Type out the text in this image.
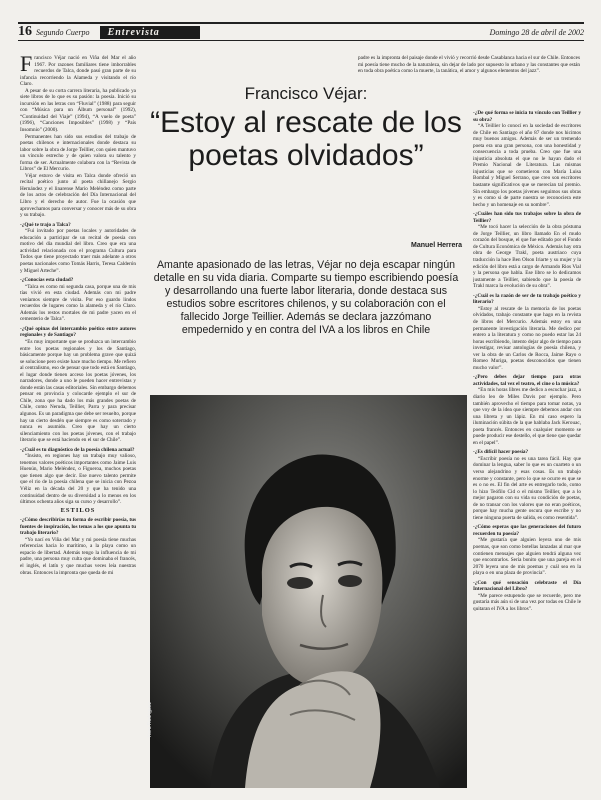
16 Segundo Cuerpo	Entrevista	Domingo 28 de abril de 2002

Francisco Véjar nació en Viña del Mar el año 1967. Por razones familiares tiene imborrables recuerdos de Talca, donde pasó gran parte de su infancia recorriendo la Alameda y visitando el río Claro.

A pesar de su corta carrera literaria, ha publicado ya siete libros de lo que es su pasión: la poesía. Inició su incursión en las letras con “Fluvial” (1988) para seguir con “Música para un Álbum personal” (1992), “Continuidad del Viaje” (1994), “A vuelo de poeta” (1996), “Canciones Imposibles” (1998) y “País Insomnio” (2000).

Permanentes han sido sus estudios del trabajo de poetas chilenos e internacionales donde destaca su labor sobre la obra de Jorge Teillier, con quien mantuvo un vínculo estrecho y de quien valora su talento y forma de ser. Actualmente colabora con la “Revista de Libros” de El Mercurio.

Véjar estuvo de visita en Talca donde ofreció un recital poético junto al poeta chillanejo Sergio Hernández y el linarense Mario Meléndez como parte de los actos de celebración del Día Internacional del Libro y el derecho de autor. Fue la ocasión que aprovechamos para conversar y conocer más de su obra y su trabajo.

-¿Qué te trajo a Talca?

“Fui invitado por poetas locales y autoridades de educación a participar de un recital de poesía con motivo del día mundial del libro. Creo que era una actividad relacionada con el programa Cultura para Todos que tiene proyectado traer más adelante a otros poetas nacionales como Tomás Harris, Teresa Calderón y Miguel Arteche”.

-¿Conocías esta ciudad?

“Talca es como mi segunda casa, porque una de mis tías vivió en esta ciudad. Además con mi padre veníamos siempre de visita. Por eso guardo lindos recuerdos de lugares como la alameda y el río Claro. Además los restos mortales de mi padre yacen en el cementerio de Talca”.

-¿Qué opinas del intercambio poético entre autores regionales y de Santiago?

“Es muy importante que se produzca un intercambio entre los poetas regionales y los de Santiago, básicamente porque hay un problema grave que quizá se solucione pero existe hace mucho tiempo. Me refiero al centralismo, eso de pensar que todo está en Santiago, el lugar donde tienen acceso los poetas jóvenes, los narradores, donde a uno le pueden hacer entrevistas y donde están las casas editoriales. Sin embargo debemos pensar en provincia y colocarde ejemplo el sur de Chile, zona que ha dado los más grandes poetas de Chile, como Neruda, Teillier, Parra y para precisar algunos. Es un paradigma que debe ser resuelto, porque hay un cierto desdén que siempre es como soterrado y nunca es asumido. Creo que hay un cierto silenciamiento con los poetas jóvenes, con el trabajo literario que se está haciendo en el sur de Chile”.

-¿Cuál es tu diagnóstico de la poesía chilena actual?

“Insisto, en regiones hay un trabajo muy valioso, tenemos valores poéticos importantes como Jaime Luis Huenún, Mario Meléndez, o Figueroa, muchos poetas que tienen algo que decir. Ese nuevo talento permite que el rio de la poesía chilena que se inicia con Pezoa Véliz en la década del 20 y que ha tenido una continuidad dentro de su diversidad a lo menos en los últimos ochenta años siga su curso y desarrollo”.

ESTILOS

-¿Cómo describirías tu forma de escribir poesía, tus fuentes de inspiración, los temas a los que apunta tu trabajo literario?

“Yo nací en Viña del Mar y mi poesía tiene muchas referencias hacia lo marítimo, a la playa como un espacio de libertad. Además tengo la influencia de mi padre, una persona muy culta que dominaba el francés, el inglés, el latín y que muchas veces leía nuestras obras. Entonces la impronta que queda de mi

padre es la impronta del paisaje donde el vivió y recorrió desde Casablanca hacia el sur de Chile. Entonces mi poesía tiene mucho de la naturaleza, sin dejar de lado por supuesto lo urbano y las constantes que están en toda obra poética como la muerte, la tanática, el amor y algunos elementos del jazz”.

Francisco Véjar:
“Estoy al rescate de los poetas olvidados”
Manuel Herrera
Amante apasionado de las letras, Véjar no deja escapar ningún detalle en su vida diaria. Comparte su tiempo escribiendo poesía y desarrollando una fuerte labor literaria, donde destaca sus estudios sobre escritores chilenos, y su colaboración con el fallecido Jorge Teillier. Además se declara jazzómano empedernido y en contra del IVA a los libros en Chile
Kora Rodríguez

-¿De qué forma se inicia tu vínculo con Teillier y su obra?

“A Teillier lo conocí en la sociedad de escritores de Chile en Santiago el año 87 donde nos hicimos muy buenos amigos. Además de ser un tremendo poeta era una gran persona, con una honestidad y consecuencia a toda prueba. Creo que fue una injusticia absoluta el que no le hayan dado el Premio Nacional de Literatura. Las mismas injusticias que se cometieron con María Luisa Bombal y Miguel Serrano, que creo son escritores bastante significativos que se merecían tal premio. Sin embargo los poetas jóvenes seguimos sus obras y es como si de parte nuestra se reconociera este hecho y un homenaje en su nombre”.

-¿Cuáles han sido tus trabajos sobre la obra de Teillier?

“Me tocó hacer la selección de la obra póstuma de Jorge Teillier, un libro llamado En el mudo corazón del bosque, el que fue editado por el Fondo de Cultura Económica de México. Además hay otra obra de George Trakl, poeta austriaco cuya traducción la hace Ben Olson Iriarte y su mujer y la edición del libro está a cargo de Armando Rios Vial y la persona que habla. Ese libro se lo dedicamos justamente a Teillier, sabiendo que la poesía de Trakl marca la evolución de su obra”.

-¿Cuál es la razón de ser de tu trabajo poético y literario?

“Estoy al rescate de la memoria de los poetas olvidados, trabajo constante que hago en la revista de libros del Mercurio. Además estoy en una permanente investigación literaria. Me dedico por entero a la literatura y como no puedo estar las 24 horas escribiendo, intento dejar algo de tiempo para investigar, revisar antologías de poesía chilena, y ver la obra de un Carlos de Rocca, Jaime Rayo o Romeo Muriga, poetas desconocidos que tienen mucho valor”.

-¿Pero debes dejar tiempo para otras actividades, tal vez el teatro, el cine o la música?

“En mis horas libres me dedico a escuchar jazz, a diario leo de Miles Davis por ejemplo. Pero también aprovecho el tiempo para tomar notas, ya que voy de la idea que siempre debemos andar con una libreta y un lápiz. En mi caso espero la iluminación súbita de la que hablaba Jack Kerouac, poeta francés. Entonces en cualquier momento se puede producir ese destello, el que tiene que quedar en el papel”.

-¿Es difícil hacer poesía?

“Escribir poesía no es una tarea fácil. Hay que dominar la lengua, saber lo que es un cuarteto o un verso alejandrino y esas cosas. Es un trabajo enorme y constante, pero lo que se ocurre es que se es o no es. El fin del arte es entregarlo todo, como lo hizo Teófilo Cid o el mismo Teillier, que a lo mejor pagaron con su vida su condición de poetas, de no transar con los valores que no eran poéticos, porque hay mucha gente oscura que escribe y no tiene ninguna puerta de salida, es como resentida”.

-¿Cómo esperas que las generaciones del futuro recuerden tu poesía?

“Me gustaría que alguien leyera uno de mis poemas, que son como botellas lanzadas al mar que contienen mensajes que alguien tendrá alguna vez que encontrarlos. Sería bonito que una pareja en el 2070 leyera uno de mis poemas y cuál sea en la playa o en una plaza de provincia”.

-¿Con qué sensación celebraste el Día Internacional del Libro?

“Me parece estupendo que se recuerde, pero me gustaría más aún si de una vez por todas en Chile le quitaran el IVA a los libros”.
